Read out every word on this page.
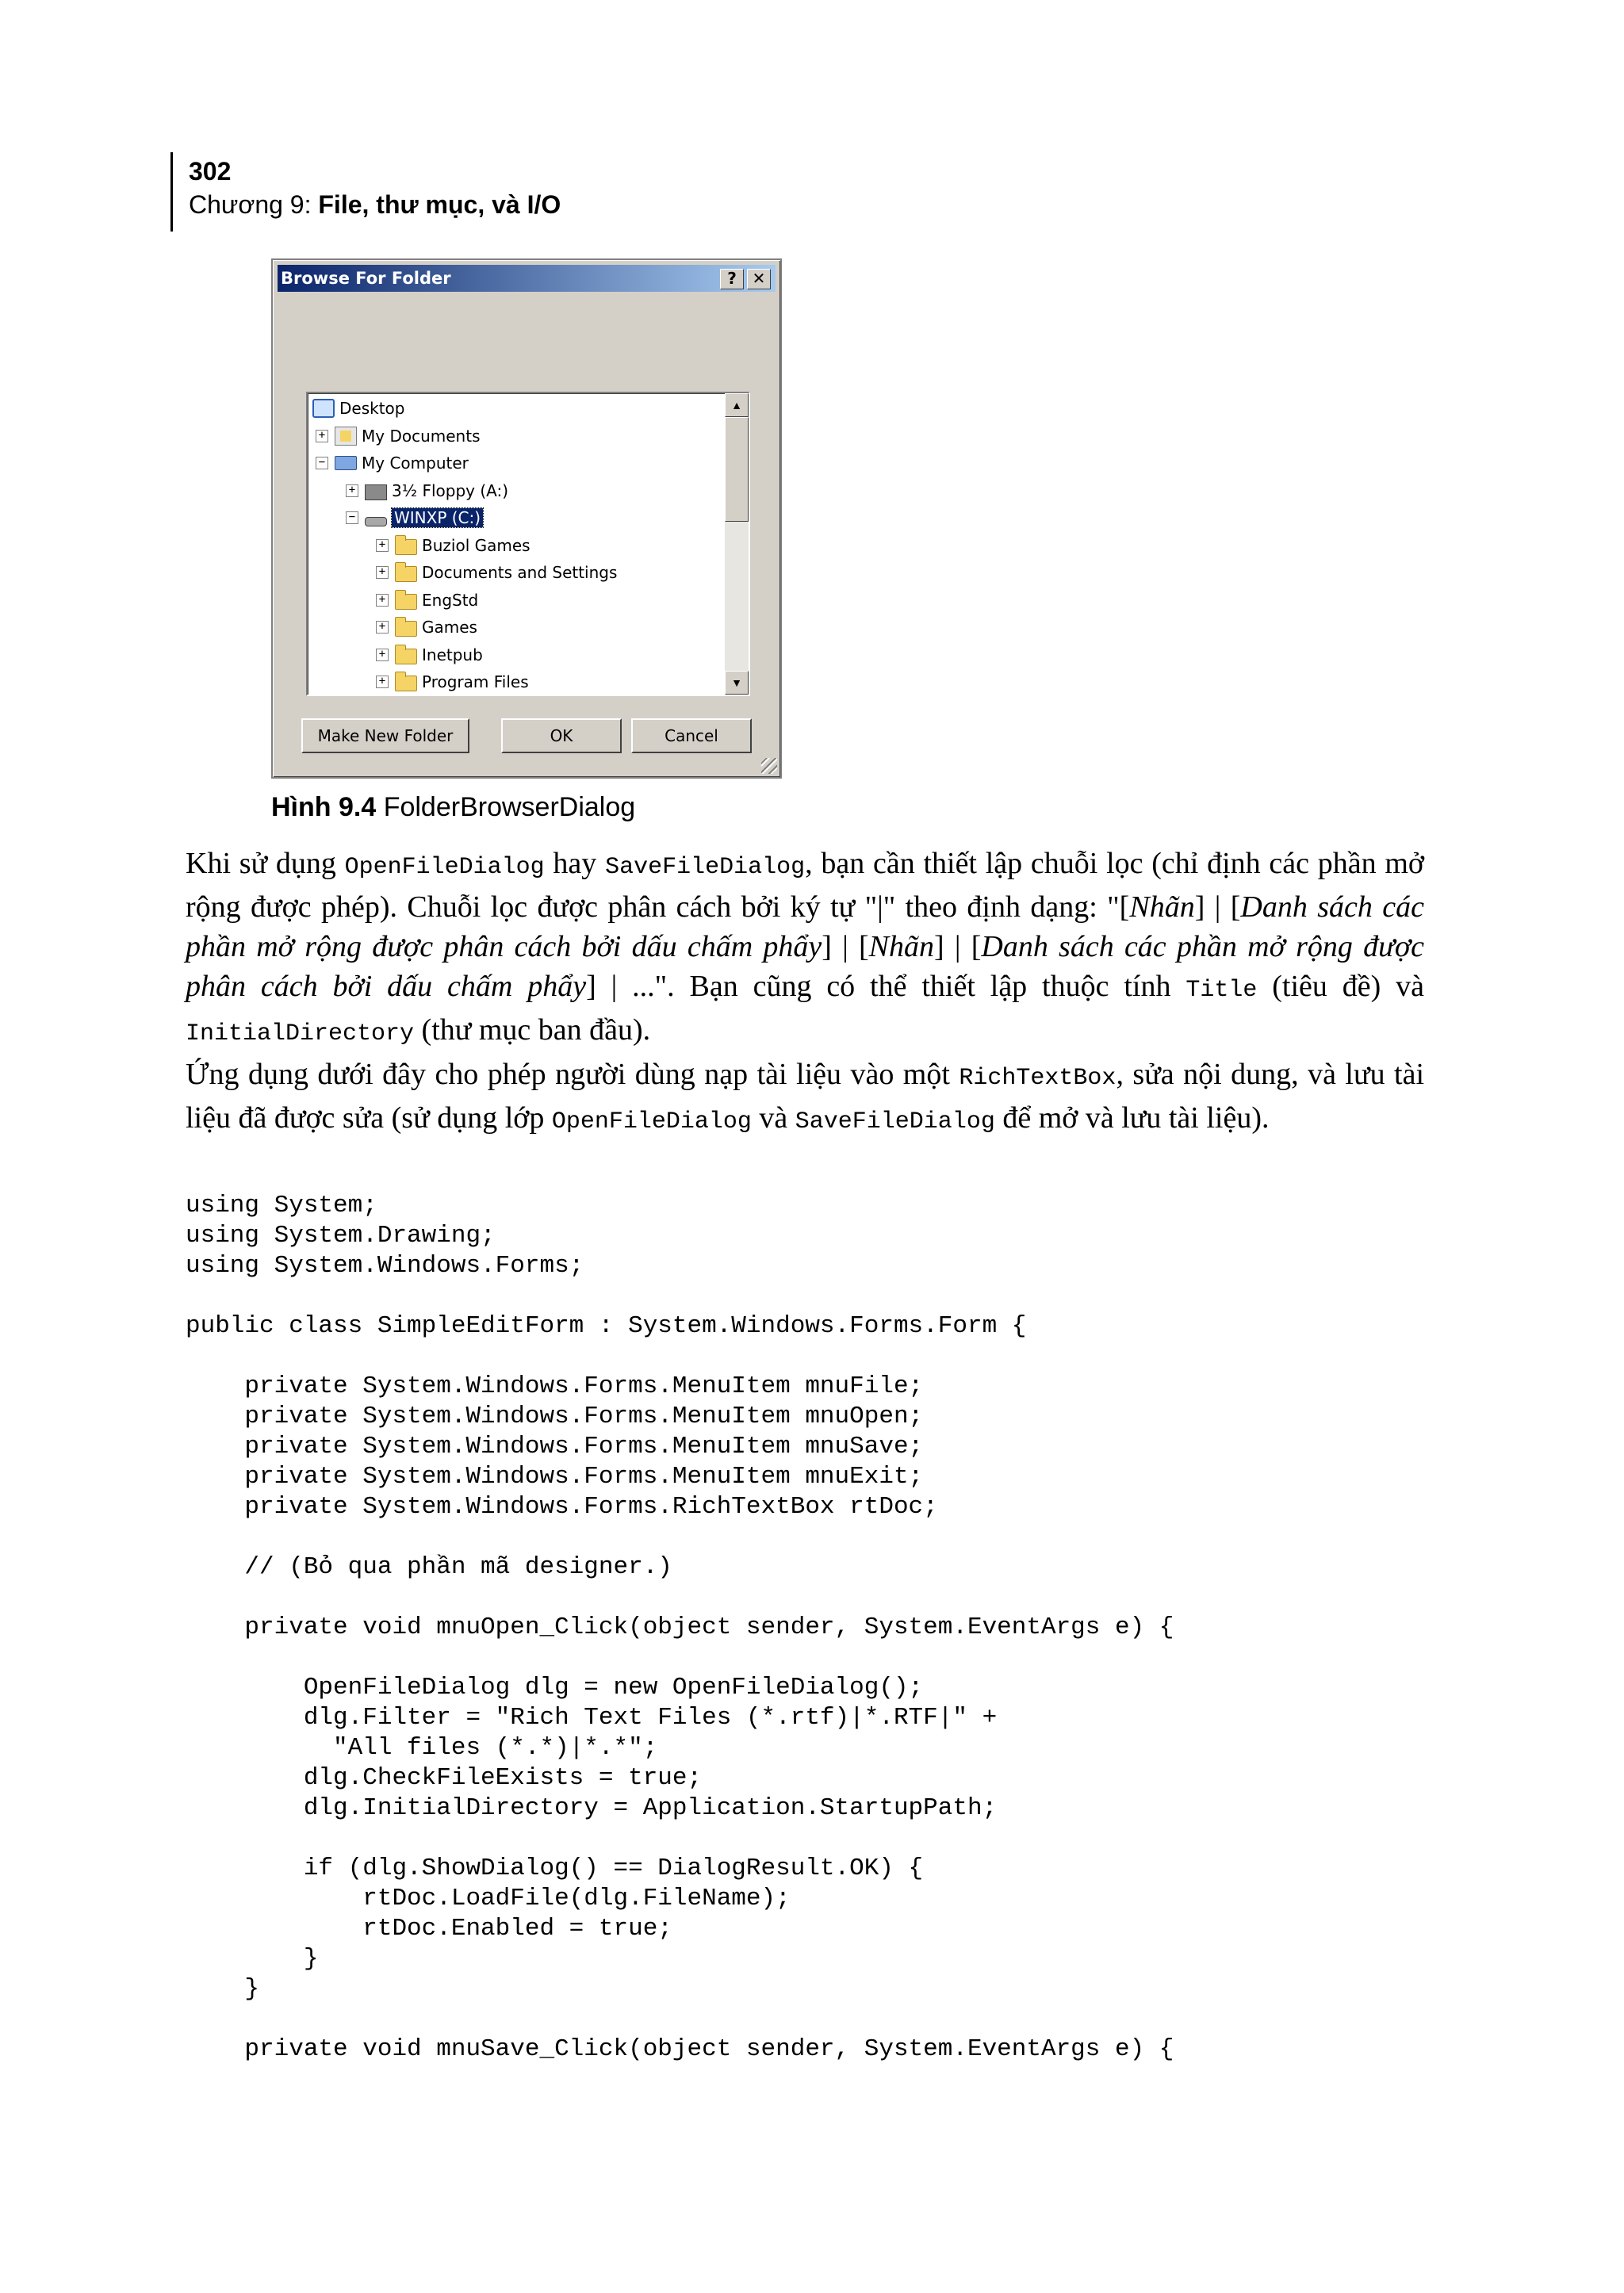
302
Chương 9: File, thư mục, và I/O
Browse For Folder	? ✕
Desktop
+ My Documents
− My Computer
+ 3½ Floppy (A:)
− WINXP (C:)
+ Buziol Games
+ Documents and Settings
+ EngStd
+ Games
+ Inetpub
+ Program Files
▲
▼
Make New Folder	OK	Cancel
Hình 9.4 FolderBrowserDialog
Khi sử dụng OpenFileDialog hay SaveFileDialog, bạn cần thiết lập chuỗi lọc (chỉ định các phần mở rộng được phép). Chuỗi lọc được phân cách bởi ký tự "|" theo định dạng: "[Nhãn] | [Danh sách các phần mở rộng được phân cách bởi dấu chấm phẩy] | [Nhãn] | [Danh sách các phần mở rộng được phân cách bởi dấu chấm phẩy] | ...". Bạn cũng có thể thiết lập thuộc tính Title (tiêu đề) và InitialDirectory (thư mục ban đầu).
Ứng dụng dưới đây cho phép người dùng nạp tài liệu vào một RichTextBox, sửa nội dung, và lưu tài liệu đã được sửa (sử dụng lớp OpenFileDialog và SaveFileDialog để mở và lưu tài liệu).
using System;
using System.Drawing;
using System.Windows.Forms;

public class SimpleEditForm : System.Windows.Forms.Form {

private System.Windows.Forms.MenuItem mnuFile;
private System.Windows.Forms.MenuItem mnuOpen;
private System.Windows.Forms.MenuItem mnuSave;
private System.Windows.Forms.MenuItem mnuExit;
private System.Windows.Forms.RichTextBox rtDoc;

// (Bỏ qua phần mã designer.)

private void mnuOpen_Click(object sender, System.EventArgs e) {

OpenFileDialog dlg = new OpenFileDialog();
dlg.Filter = "Rich Text Files (*.rtf)|*.RTF|" +
"All files (*.*)|*.*";
dlg.CheckFileExists = true;
dlg.InitialDirectory = Application.StartupPath;

if (dlg.ShowDialog() == DialogResult.OK) {
rtDoc.LoadFile(dlg.FileName);
rtDoc.Enabled = true;
}
}

private void mnuSave_Click(object sender, System.EventArgs e) {
